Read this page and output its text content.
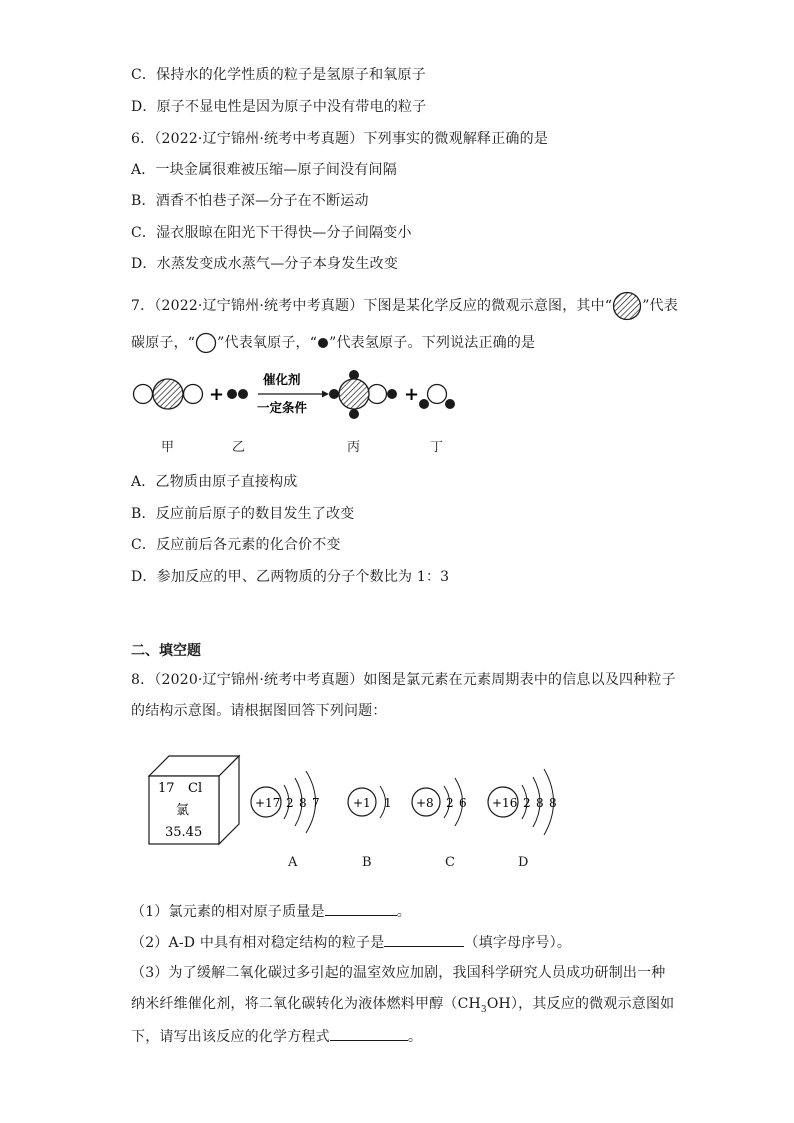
C．保持水的化学性质的粒子是氢原子和氧原子
D．原子不显电性是因为原子中没有带电的粒子
6．（2022·辽宁锦州·统考中考真题）下列事实的微观解释正确的是
A．一块金属很难被压缩—原子间没有间隔
B．酒香不怕巷子深—分子在不断运动
C．湿衣服晾在阳光下干得快—分子间隔变小
D．水蒸发变成水蒸气—分子本身发生改变
7．（2022·辽宁锦州·统考中考真题）下图是某化学反应的微观示意图，其中“ ”代表
碳原子，“ ”代表氧原子，“ ”代表氢原子。下列说法正确的是
+
催化剂
一定条件
+
甲	乙	丙	丁
A．乙物质由原子直接构成
B．反应前后原子的数目发生了改变
C．反应前后各元素的化合价不变
D．参加反应的甲、乙两物质的分子个数比为 1：3
二、填空题
8．（2020·辽宁锦州·统考中考真题）如图是氯元素在元素周期表中的信息以及四种粒子
的结构示意图。请根据图回答下列问题：
17 Cl
氯
35.45
+17 2 8 7	+1 1 +8 2 6 +16 2 8 8
A	B	C	D
（1）氯元素的相对原子质量是	。
（2）A-D 中具有相对稳定结构的粒子是	（填字母序号）。
（3）为了缓解二氧化碳过多引起的温室效应加剧，我国科学研究人员成功研制出一种
纳米纤维催化剂，将二氧化碳转化为液体燃料甲醇$(CH_3OH)$，其反应的微观示意图如
下，请写出该反应的化学方程式	。
